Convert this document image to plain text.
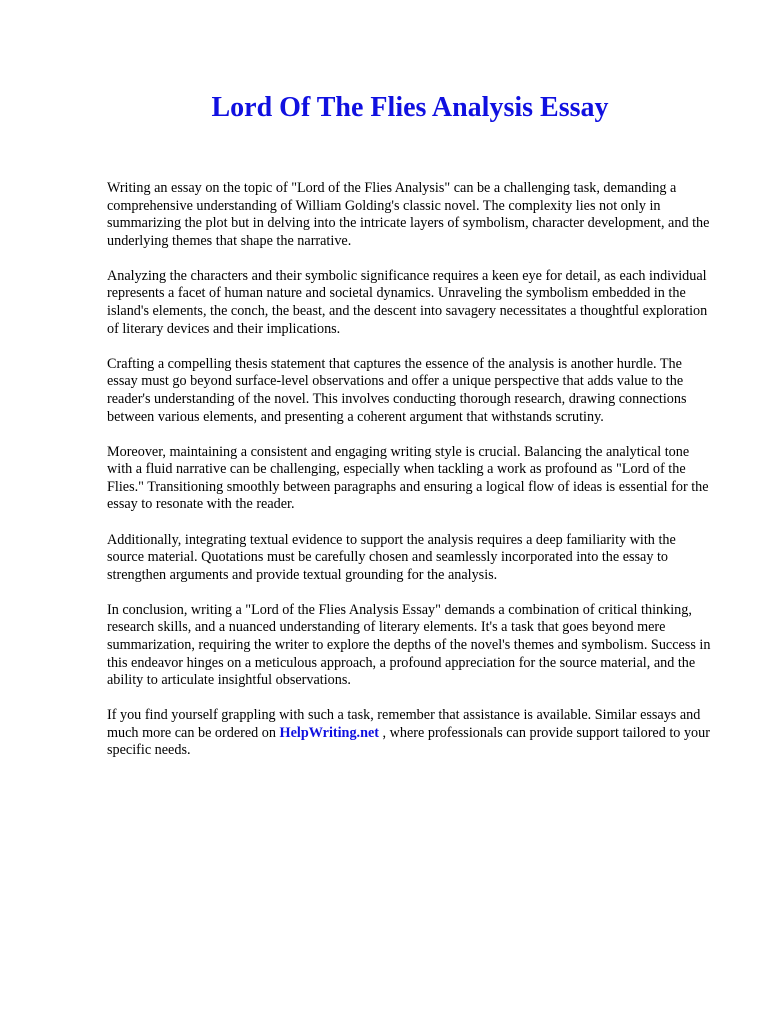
Lord Of The Flies Analysis Essay

Writing an essay on the topic of "Lord of the Flies Analysis" can be a challenging task, demanding a comprehensive understanding of William Golding's classic novel. The complexity lies not only in summarizing the plot but in delving into the intricate layers of symbolism, character development, and the underlying themes that shape the narrative.

Analyzing the characters and their symbolic significance requires a keen eye for detail, as each individual represents a facet of human nature and societal dynamics. Unraveling the symbolism embedded in the island's elements, the conch, the beast, and the descent into savagery necessitates a thoughtful exploration of literary devices and their implications.

Crafting a compelling thesis statement that captures the essence of the analysis is another hurdle. The essay must go beyond surface-level observations and offer a unique perspective that adds value to the reader's understanding of the novel. This involves conducting thorough research, drawing connections between various elements, and presenting a coherent argument that withstands scrutiny.

Moreover, maintaining a consistent and engaging writing style is crucial. Balancing the analytical tone with a fluid narrative can be challenging, especially when tackling a work as profound as "Lord of the Flies." Transitioning smoothly between paragraphs and ensuring a logical flow of ideas is essential for the essay to resonate with the reader.

Additionally, integrating textual evidence to support the analysis requires a deep familiarity with the source material. Quotations must be carefully chosen and seamlessly incorporated into the essay to strengthen arguments and provide textual grounding for the analysis.

In conclusion, writing a "Lord of the Flies Analysis Essay" demands a combination of critical thinking, research skills, and a nuanced understanding of literary elements. It's a task that goes beyond mere summarization, requiring the writer to explore the depths of the novel's themes and symbolism. Success in this endeavor hinges on a meticulous approach, a profound appreciation for the source material, and the ability to articulate insightful observations.

If you find yourself grappling with such a task, remember that assistance is available. Similar essays and much more can be ordered on HelpWriting.net , where professionals can provide support tailored to your specific needs.
